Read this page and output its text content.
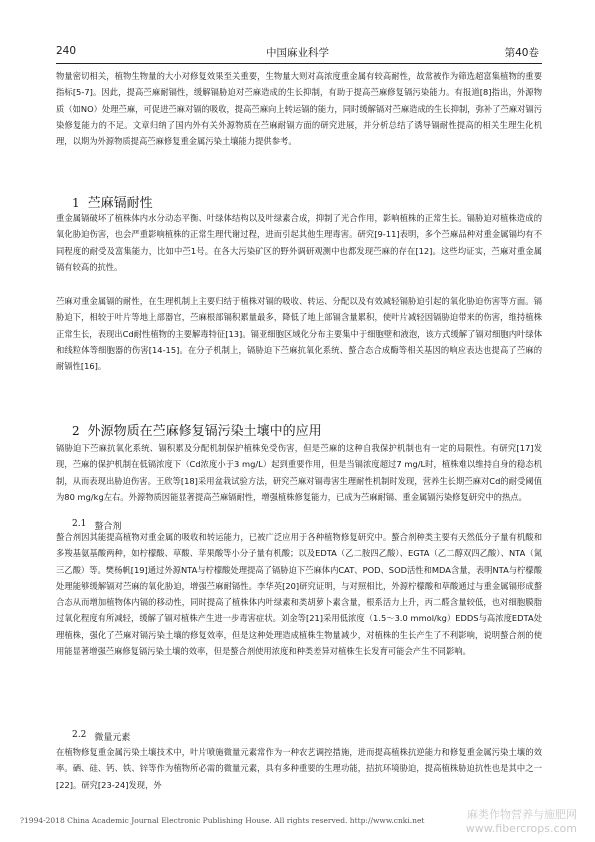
240	中国麻业科学	第40卷

物量密切相关，植物生物量的大小对修复效果至关重要，生物量大则对高浓度重金属有较高耐性，故常被作为筛选超富集植物的重要指标[5-7]。因此，提高苎麻耐镉性，缓解镉胁迫对苎麻造成的生长抑制，有助于提高苎麻修复镉污染能力。有报道[8]指出，外源物质（如NO）处理苎麻，可促进苎麻对镉的吸收，提高苎麻向上转运镉的能力，同时缓解镉对苎麻造成的生长抑制，弥补了苎麻对镉污染修复能力的不足。文章归纳了国内外有关外源物质在苎麻耐镉方面的研究进展，并分析总结了诱导镉耐性提高的相关生理生化机理，以期为外源物质提高苎麻修复重金属污染土壤能力提供参考。

1 苎麻镉耐性

重金属镉破坏了植株体内水分动态平衡、叶绿体结构以及叶绿素合成，抑制了光合作用，影响植株的正常生长。镉胁迫对植株造成的氧化胁迫伤害，也会严重影响植株的正常生理代谢过程，进而引起其他生理毒害。研究[9-11]表明，多个苎麻品种对重金属镉均有不同程度的耐受及富集能力，比如中苎1号。在各大污染矿区的野外调研观测中也都发现苎麻的存在[12]。这些均证实，苎麻对重金属镉有较高的抗性。

苎麻对重金属镉的耐性，在生理机制上主要归结于植株对镉的吸收、转运、分配以及有效减轻镉胁迫引起的氧化胁迫伤害等方面。镉胁迫下，相较于叶片等地上部器官，苎麻根部镉积累量最多，降低了地上部镉含量累积，使叶片减轻因镉胁迫带来的伤害，维持植株正常生长，表现出Cd耐性植物的主要解毒特征[13]。镉亚细胞区域化分布主要集中于细胞壁和液泡，该方式缓解了镉对细胞内叶绿体和线粒体等细胞器的伤害[14-15]。在分子机制上，镉胁迫下苎麻抗氧化系统、螯合态合成酶等相关基因的响应表达也提高了苎麻的耐镉性[16]。

2 外源物质在苎麻修复镉污染土壤中的应用

镉胁迫下苎麻抗氧化系统、镉积累及分配机制保护植株免受伤害，但是苎麻的这种自我保护机制也有一定的局限性。有研究[17]发现，苎麻的保护机制在低镉浓度下（Cd浓度小于3 mg/L）起到重要作用，但是当镉浓度超过7 mg/L时，植株难以维持自身的稳态机制，从而表现出胁迫伤害。王欣等[18]采用盆栽试验方法，研究苎麻对镉毒害生理耐性机制时发现，营养生长期苎麻对Cd的耐受阈值为80 mg/kg左右。外源物质因能显著提高苎麻镉耐性，增强植株修复能力，已成为苎麻耐镉、重金属镉污染修复研究中的热点。

2.1 螯合剂

螯合剂因其能提高植物对重金属的吸收和转运能力，已被广泛应用于各种植物修复研究中。螯合剂种类主要有天然低分子量有机酸和多羧基氨基酸两种，如柠檬酸、草酸、苹果酸等小分子量有机酸；以及EDTA（乙二胺四乙酸）、EGTA（乙二醇双四乙酸）、NTA（氮三乙酸）等。樊杨帆[19]通过外源NTA与柠檬酸处理提高了镉胁迫下苎麻体内CAT、POD、SOD活性和MDA含量，表明NTA与柠檬酸处理能够缓解镉对苎麻的氧化胁迫，增强苎麻耐镉性。李华英[20]研究证明，与对照相比，外源柠檬酸和草酸通过与重金属镉形成螯合态从而增加植物体内镉的移动性，同时提高了植株体内叶绿素和类胡萝卜素含量，根系活力上升，丙二醛含量较低，也对细胞膜脂过氧化程度有所减轻，缓解了镉对植株产生进一步毒害症状。刘金等[21]采用低浓度（1.5～3.0 mmol/kg）EDDS与高浓度EDTA处理植株，强化了苎麻对镉污染土壤的修复效率，但是这种处理造成植株生物量减少，对植株的生长产生了不利影响，说明螯合剂的使用能显著增强苎麻修复镉污染土壤的效率，但是螯合剂使用浓度和种类差异对植株生长发育可能会产生不同影响。

2.2 微量元素

在植物修复重金属污染土壤技术中，叶片喷施微量元素常作为一种农艺调控措施，进而提高植株抗逆能力和修复重金属污染土壤的效率。硒、硅、钙、铁、锌等作为植物所必需的微量元素，具有多种重要的生理功能，拮抗环境胁迫，提高植株胁迫抗性也是其中之一[22]。研究[23-24]发现，外

?1994-2018 China Academic Journal Electronic Publishing House. All rights reserved. http://www.cnki.net	麻类作物营养与施肥网
www.fibercrops.com
